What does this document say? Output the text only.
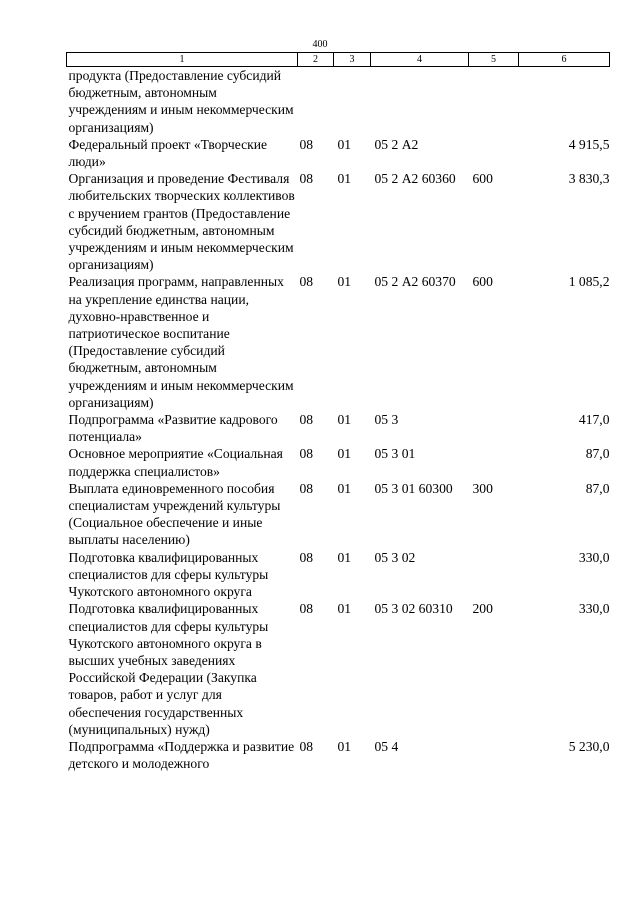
400
1	2	3	4	5	6
продукта (Предоставление субсидий бюджетным, автономным учреждениям и иным некоммерческим организациям)					
Федеральный проект «Творческие люди»	08	01	05 2 А2		4 915,5
Организация и проведение Фестиваля любительских творческих коллективов с вручением грантов (Предоставление субсидий бюджетным, автономным учреждениям и иным некоммерческим организациям)	08	01	05 2 А2 60360	600	3 830,3
Реализация программ, направленных на укрепление единства нации, духовно-нравственное и патриотическое воспитание (Предоставление субсидий бюджетным, автономным учреждениям и иным некоммерческим организациям)	08	01	05 2 А2 60370	600	1 085,2
Подпрограмма «Развитие кадрового потенциала»	08	01	05 3		417,0
Основное мероприятие «Социальная поддержка специалистов»	08	01	05 3 01		87,0
Выплата единовременного пособия специалистам учреждений культуры (Социальное обеспечение и иные выплаты населению)	08	01	05 3 01 60300	300	87,0
Подготовка квалифицированных специалистов для сферы культуры Чукотского автономного округа	08	01	05 3 02		330,0
Подготовка квалифицированных специалистов для сферы культуры Чукотского автономного округа в высших учебных заведениях Российской Федерации (Закупка товаров, работ и услуг для обеспечения государственных (муниципальных) нужд)	08	01	05 3 02 60310	200	330,0
Подпрограмма «Поддержка и развитие детского и молодежного	08	01	05 4		5 230,0
